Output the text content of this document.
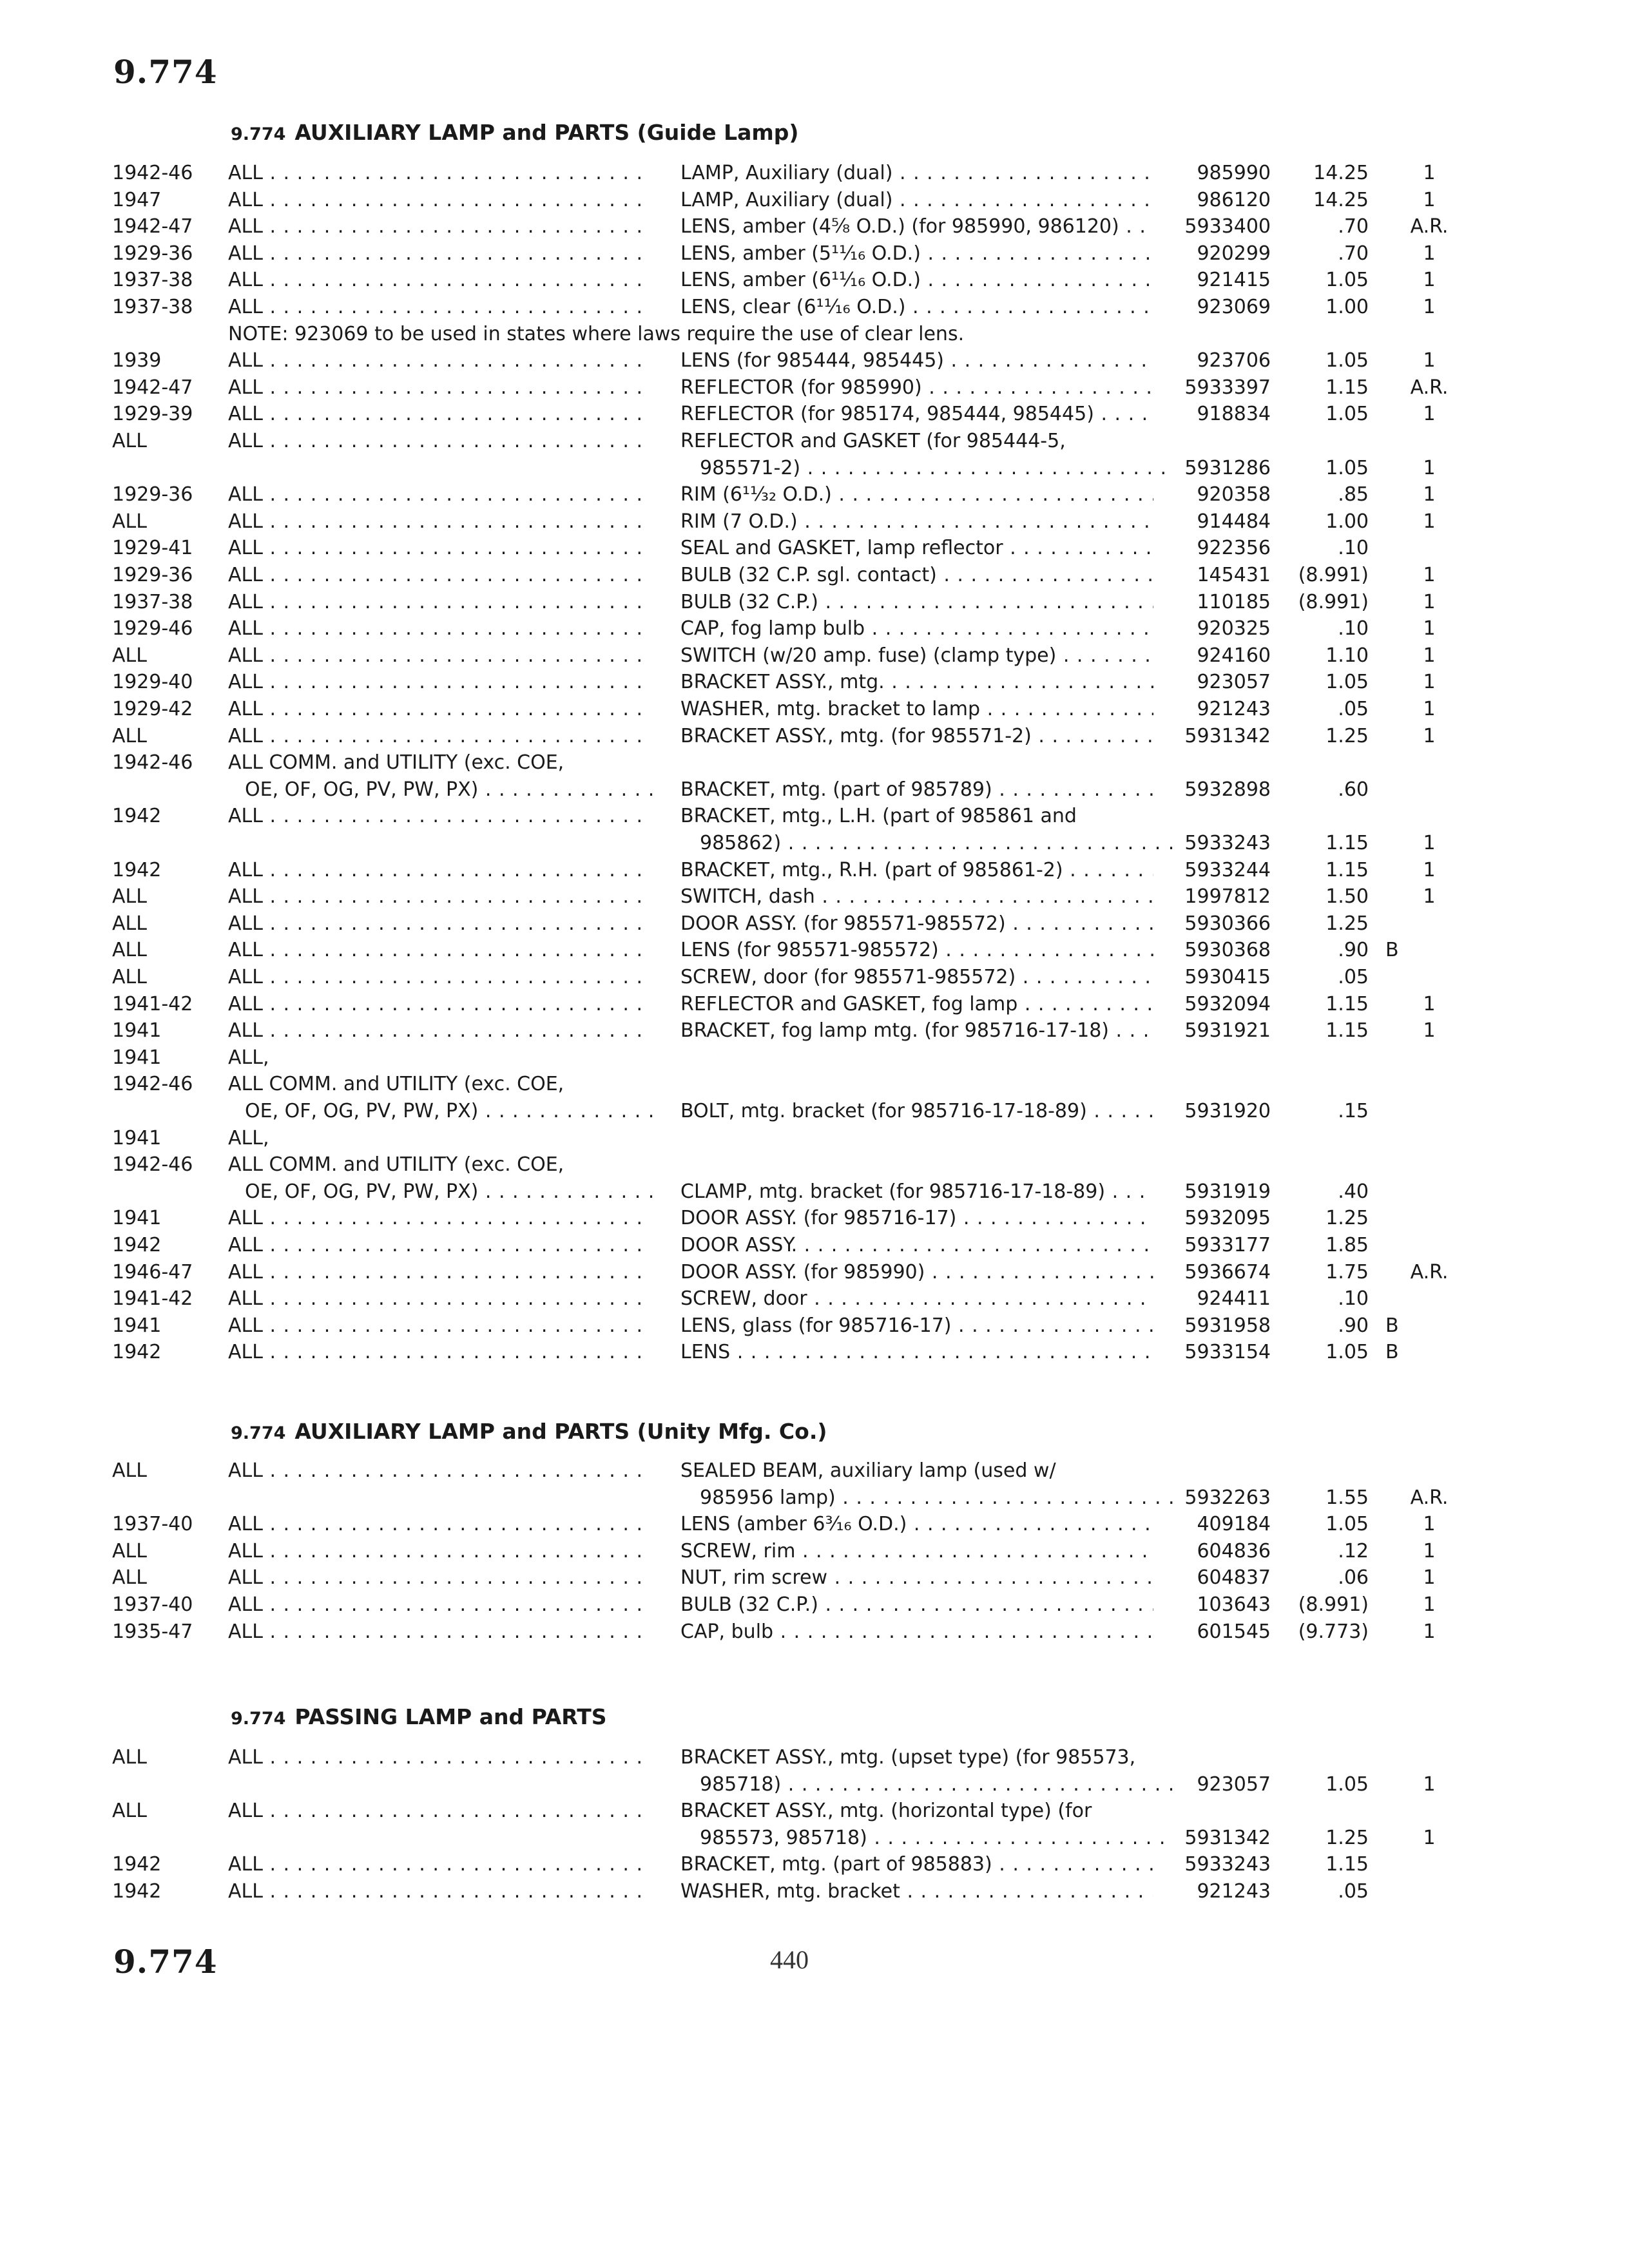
9.774
9.774 AUXILIARY LAMP and PARTS (Guide Lamp)
1942-46	ALL . . .	LAMP, Auxiliary (dual) . . .	985990	14.25	1
1947	ALL . . .	LAMP, Auxiliary (dual) . . .	986120	14.25	1
1942-47	ALL . . .	LENS, amber (4⅝ O.D.) (for 985990, 986120) . . .	5933400	.70	A.R.
1929-36	ALL . . .	LENS, amber (5¹¹⁄₁₆ O.D.) . . .	920299	.70	1
1937-38	ALL . . .	LENS, amber (6¹¹⁄₁₆ O.D.) . . .	921415	1.05	1
1937-38	ALL . . .	LENS, clear (6¹¹⁄₁₆ O.D.) . . .	923069	1.00	1
NOTE: 923069 to be used in states where laws require the use of clear lens.
1939	ALL . . .	LENS (for 985444, 985445) . . .	923706	1.05	1
1942-47	ALL . . .	REFLECTOR (for 985990) . . .	5933397	1.15	A.R.
1929-39	ALL . . .	REFLECTOR (for 985174, 985444, 985445) . . .	918834	1.05	1
ALL	ALL . . .	REFLECTOR and GASKET (for 985444-5,
985571-2) . . .	5931286	1.05	1
1929-36	ALL . . .	RIM (6¹¹⁄₃₂ O.D.) . . .	920358	.85	1
ALL	ALL . . .	RIM (7 O.D.) . . .	914484	1.00	1
1929-41	ALL . . .	SEAL and GASKET, lamp reflector . . .	922356	.10
1929-36	ALL . . .	BULB (32 C.P. sgl. contact) . . .	145431	(8.991)	1
1937-38	ALL . . .	BULB (32 C.P.) . . .	110185	(8.991)	1
1929-46	ALL . . .	CAP, fog lamp bulb . . .	920325	.10	1
ALL	ALL . . .	SWITCH (w/20 amp. fuse) (clamp type) . . .	924160	1.10	1
1929-40	ALL . . .	BRACKET ASSY., mtg. . . .	923057	1.05	1
1929-42	ALL . . .	WASHER, mtg. bracket to lamp . . .	921243	.05	1
ALL	ALL . . .	BRACKET ASSY., mtg. (for 985571-2) . . .	5931342	1.25	1
1942-46	ALL COMM. and UTILITY (exc. COE,
OE, OF, OG, PV, PW, PX) . . .	BRACKET, mtg. (part of 985789) . . .	5932898	.60
1942	ALL . . .	BRACKET, mtg., L.H. (part of 985861 and
985862) . . .	5933243	1.15	1
1942	ALL . . .	BRACKET, mtg., R.H. (part of 985861-2) . . .	5933244	1.15	1
ALL	ALL . . .	SWITCH, dash . . .	1997812	1.50	1
ALL	ALL . . .	DOOR ASSY. (for 985571-985572) . . .	5930366	1.25
ALL	ALL . . .	LENS (for 985571-985572) . . .	5930368	.90 B
ALL	ALL . . .	SCREW, door (for 985571-985572) . . .	5930415	.05
1941-42	ALL . . .	REFLECTOR and GASKET, fog lamp . . .	5932094	1.15	1
1941	ALL . . .	BRACKET, fog lamp mtg. (for 985716-17-18) . . .	5931921	1.15	1
1941	ALL,
1942-46	ALL COMM. and UTILITY (exc. COE,
OE, OF, OG, PV, PW, PX) . . .	BOLT, mtg. bracket (for 985716-17-18-89) . . .	5931920	.15
1941	ALL,
1942-46	ALL COMM. and UTILITY (exc. COE,
OE, OF, OG, PV, PW, PX) . . .	CLAMP, mtg. bracket (for 985716-17-18-89) . . .	5931919	.40
1941	ALL . . .	DOOR ASSY. (for 985716-17) . . .	5932095	1.25
1942	ALL . . .	DOOR ASSY. . . .	5933177	1.85
1946-47	ALL . . .	DOOR ASSY. (for 985990) . . .	5936674	1.75	A.R.
1941-42	ALL . . .	SCREW, door . . .	924411	.10
1941	ALL . . .	LENS, glass (for 985716-17) . . .	5931958	.90 B
1942	ALL . . .	LENS . . .	5933154	1.05 B
9.774 AUXILIARY LAMP and PARTS (Unity Mfg. Co.)
ALL	ALL . . .	SEALED BEAM, auxiliary lamp (used w/
985956 lamp) . . .	5932263	1.55	A.R.
1937-40	ALL . . .	LENS (amber 6³⁄₁₆ O.D.) . . .	409184	1.05	1
ALL	ALL . . .	SCREW, rim . . .	604836	.12	1
ALL	ALL . . .	NUT, rim screw . . .	604837	.06	1
1937-40	ALL . . .	BULB (32 C.P.) . . .	103643	(8.991)	1
1935-47	ALL . . .	CAP, bulb . . .	601545	(9.773)	1
9.774 PASSING LAMP and PARTS
ALL	ALL . . .	BRACKET ASSY., mtg. (upset type) (for 985573,
985718) . . .	923057	1.05	1
ALL	ALL . . .	BRACKET ASSY., mtg. (horizontal type) (for
985573, 985718) . . .	5931342	1.25	1
1942	ALL . . .	BRACKET, mtg. (part of 985883) . . .	5933243	1.15
1942	ALL . . .	WASHER, mtg. bracket . . .	921243	.05
9.774	440
